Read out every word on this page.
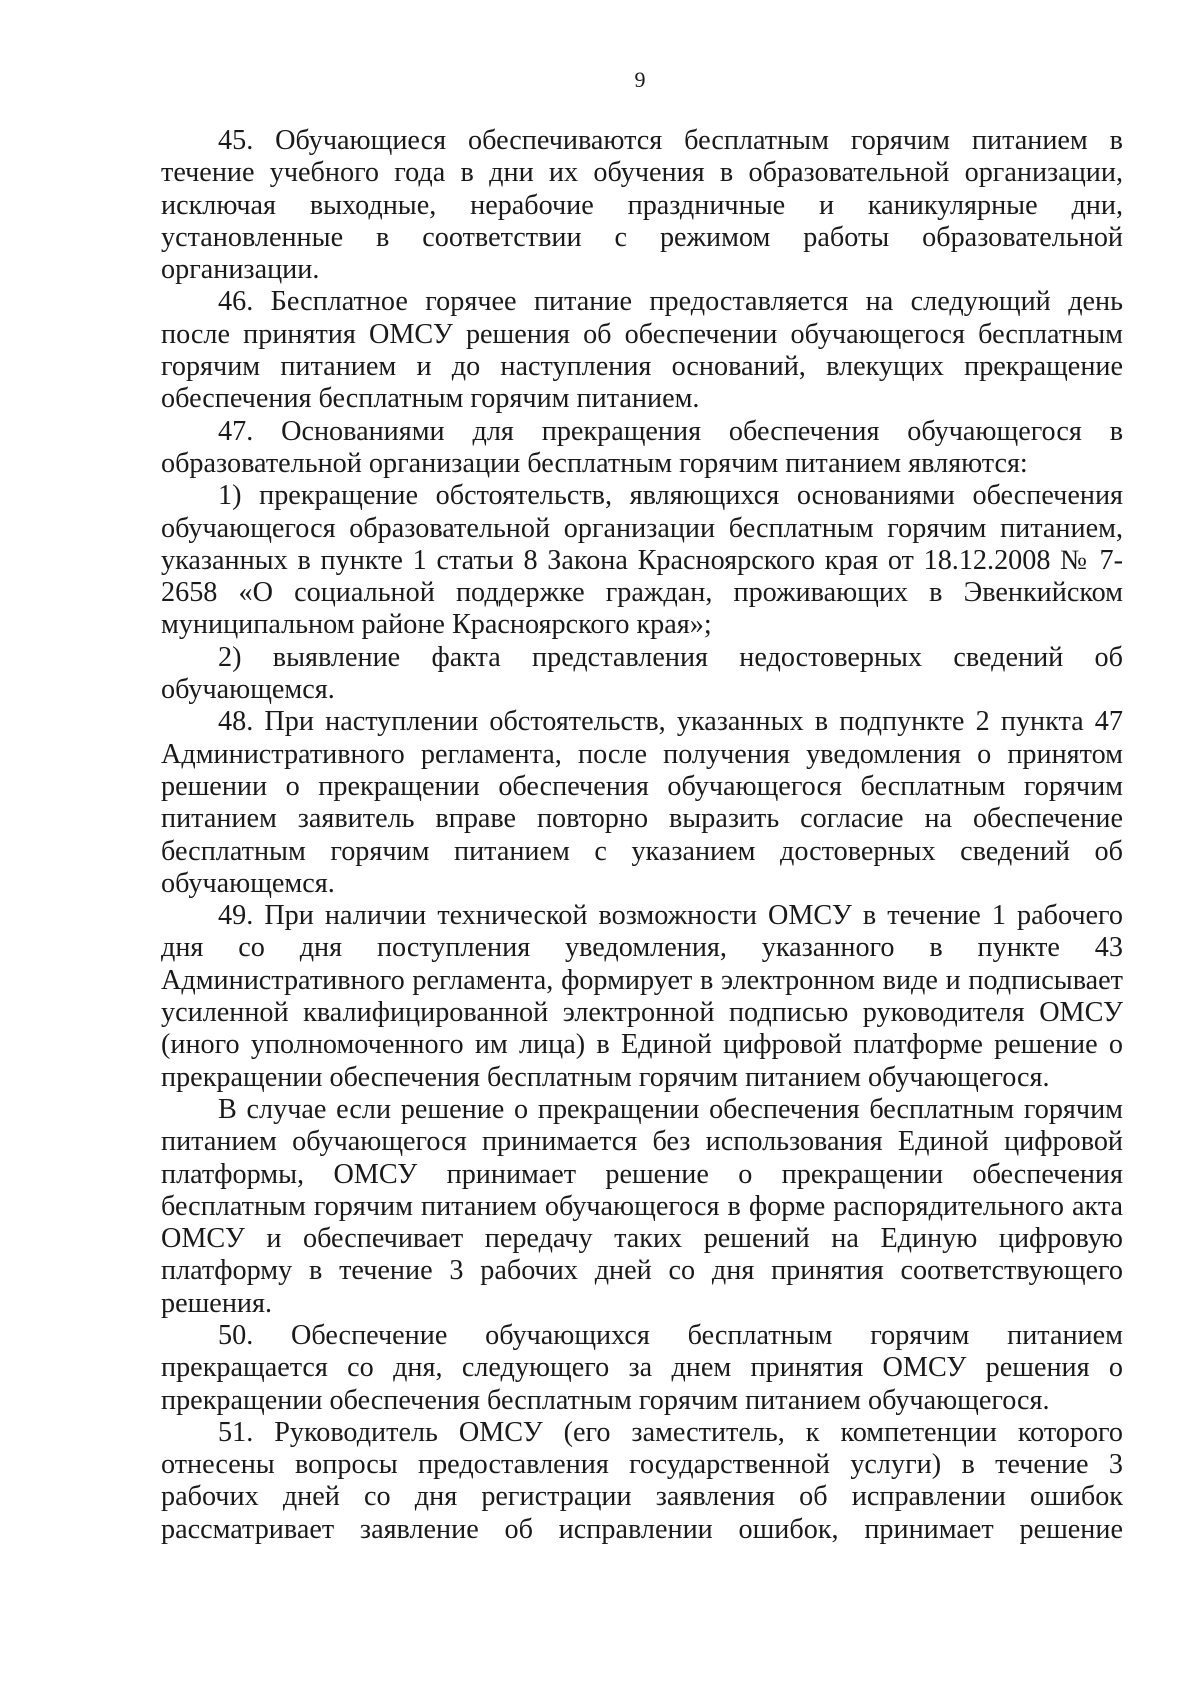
9

45. Обучающиеся обеспечиваются бесплатным горячим питанием в течение учебного года в дни их обучения в образовательной организации, исключая выходные, нерабочие праздничные и каникулярные дни, установленные в соответствии с режимом работы образовательной организации.

46. Бесплатное горячее питание предоставляется на следующий день после принятия ОМСУ решения об обеспечении обучающегося бесплатным горячим питанием и до наступления оснований, влекущих прекращение обеспечения бесплатным горячим питанием.

47. Основаниями для прекращения обеспечения обучающегося в образовательной организации бесплатным горячим питанием являются:

1) прекращение обстоятельств, являющихся основаниями обеспечения обучающегося образовательной организации бесплатным горячим питанием, указанных в пункте 1 статьи 8 Закона Красноярского края от 18.12.2008 № 7-2658 «О социальной поддержке граждан, проживающих в Эвенкийском муниципальном районе Красноярского края»;

2) выявление факта представления недостоверных сведений об обучающемся.

48. При наступлении обстоятельств, указанных в подпункте 2 пункта 47 Административного регламента, после получения уведомления о принятом решении о прекращении обеспечения обучающегося бесплатным горячим питанием заявитель вправе повторно выразить согласие на обеспечение бесплатным горячим питанием с указанием достоверных сведений об обучающемся.

49. При наличии технической возможности ОМСУ в течение 1 рабочего дня со дня поступления уведомления, указанного в пункте 43 Административного регламента, формирует в электронном виде и подписывает усиленной квалифицированной электронной подписью руководителя ОМСУ (иного уполномоченного им лица) в Единой цифровой платформе решение о прекращении обеспечения бесплатным горячим питанием обучающегося.

В случае если решение о прекращении обеспечения бесплатным горячим питанием обучающегося принимается без использования Единой цифровой платформы, ОМСУ принимает решение о прекращении обеспечения бесплатным горячим питанием обучающегося в форме распорядительного акта ОМСУ и обеспечивает передачу таких решений на Единую цифровую платформу в течение 3 рабочих дней со дня принятия соответствующего решения.

50. Обеспечение обучающихся бесплатным горячим питанием прекращается со дня, следующего за днем принятия ОМСУ решения о прекращении обеспечения бесплатным горячим питанием обучающегося.

51. Руководитель ОМСУ (его заместитель, к компетенции которого отнесены вопросы предоставления государственной услуги) в течение 3 рабочих дней со дня регистрации заявления об исправлении ошибок рассматривает заявление об исправлении ошибок, принимает решение
